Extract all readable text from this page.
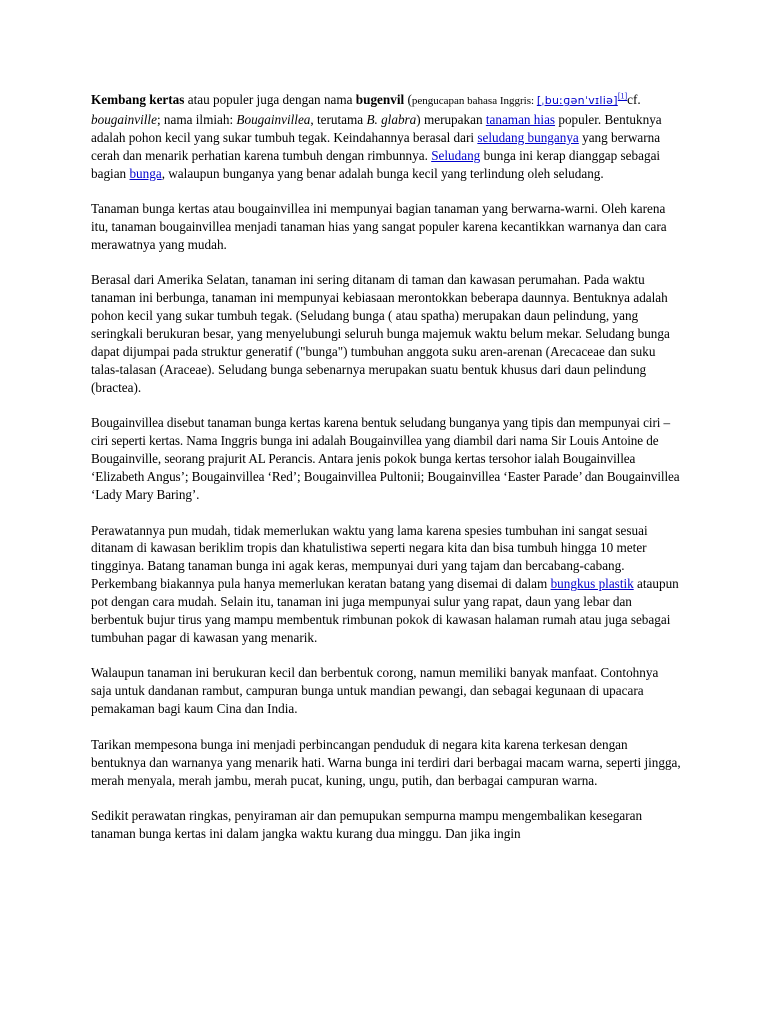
Kembang kertas atau populer juga dengan nama bugenvil (pengucapan bahasa Inggris: [ˌbuːɡənˈvɪliə][1]cf. bougainville; nama ilmiah: Bougainvillea, terutama B. glabra) merupakan tanaman hias populer. Bentuknya adalah pohon kecil yang sukar tumbuh tegak. Keindahannya berasal dari seludang bunganya yang berwarna cerah dan menarik perhatian karena tumbuh dengan rimbunnya. Seludang bunga ini kerap dianggap sebagai bagian bunga, walaupun bunganya yang benar adalah bunga kecil yang terlindung oleh seludang.

Tanaman bunga kertas atau bougainvillea ini mempunyai bagian tanaman yang berwarna-warni. Oleh karena itu, tanaman bougainvillea menjadi tanaman hias yang sangat populer karena kecantikkan warnanya dan cara merawatnya yang mudah.

Berasal dari Amerika Selatan, tanaman ini sering ditanam di taman dan kawasan perumahan. Pada waktu tanaman ini berbunga, tanaman ini mempunyai kebiasaan merontokkan beberapa daunnya. Bentuknya adalah pohon kecil yang sukar tumbuh tegak. (Seludang bunga ( atau spatha) merupakan daun pelindung, yang seringkali berukuran besar, yang menyelubungi seluruh bunga majemuk waktu belum mekar. Seludang bunga dapat dijumpai pada struktur generatif ("bunga") tumbuhan anggota suku aren-arenan (Arecaceae dan suku talas-talasan (Araceae). Seludang bunga sebenarnya merupakan suatu bentuk khusus dari daun pelindung (bractea).

Bougainvillea disebut tanaman bunga kertas karena bentuk seludang bunganya yang tipis dan mempunyai ciri – ciri seperti kertas. Nama Inggris bunga ini adalah Bougainvillea yang diambil dari nama Sir Louis Antoine de Bougainville, seorang prajurit AL Perancis. Antara jenis pokok bunga kertas tersohor ialah Bougainvillea ‘Elizabeth Angus’; Bougainvillea ‘Red’; Bougainvillea Pultonii; Bougainvillea ‘Easter Parade’ dan Bougainvillea ‘Lady Mary Baring’.

Perawatannya pun mudah, tidak memerlukan waktu yang lama karena spesies tumbuhan ini sangat sesuai ditanam di kawasan beriklim tropis dan khatulistiwa seperti negara kita dan bisa tumbuh hingga 10 meter tingginya. Batang tanaman bunga ini agak keras, mempunyai duri yang tajam dan bercabang-cabang. Perkembang biakannya pula hanya memerlukan keratan batang yang disemai di dalam bungkus plastik ataupun pot dengan cara mudah. Selain itu, tanaman ini juga mempunyai sulur yang rapat, daun yang lebar dan berbentuk bujur tirus yang mampu membentuk rimbunan pokok di kawasan halaman rumah atau juga sebagai tumbuhan pagar di kawasan yang menarik.

Walaupun tanaman ini berukuran kecil dan berbentuk corong, namun memiliki banyak manfaat. Contohnya saja untuk dandanan rambut, campuran bunga untuk mandian pewangi, dan sebagai kegunaan di upacara pemakaman bagi kaum Cina dan India.

Tarikan mempesona bunga ini menjadi perbincangan penduduk di negara kita karena terkesan dengan bentuknya dan warnanya yang menarik hati. Warna bunga ini terdiri dari berbagai macam warna, seperti jingga, merah menyala, merah jambu, merah pucat, kuning, ungu, putih, dan berbagai campuran warna.

Sedikit perawatan ringkas, penyiraman air dan pemupukan sempurna mampu mengembalikan kesegaran tanaman bunga kertas ini dalam jangka waktu kurang dua minggu. Dan jika ingin
